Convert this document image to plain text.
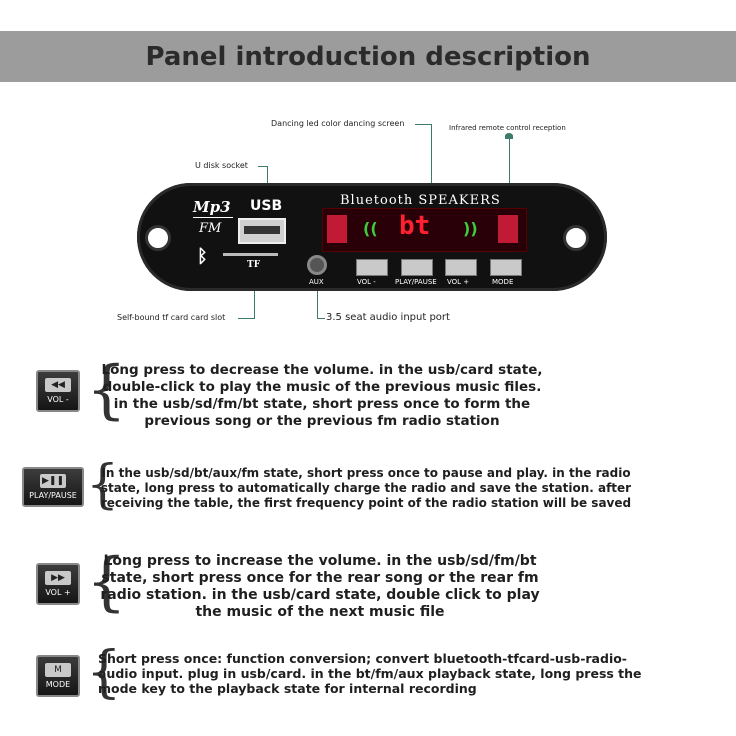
Panel introduction description
Dancing led color dancing screen	Infrared remote control reception
U disk socket
Self-bound tf card card slot	3.5 seat audio input port
Mp3
FM
ᛒ
USB
TF
AUX
Bluetooth SPEAKERS
(( bt ))
VOL -	PLAY/PAUSE VOL +	MODE
◀◀
VOL - {
Long press to decrease the volume. in the usb/card state, double-click to play the music of the previous music files. in the usb/sd/fm/bt state, short press once to form the previous song or the previous fm radio station
▶❚❚
PLAY/PAUSE {
In the usb/sd/bt/aux/fm state, short press once to pause and play. in the radio state, long press to automatically charge the radio and save the station. after receiving the table, the first frequency point of the radio station will be saved
▶▶
VOL + {
Long press to increase the volume. in the usb/sd/fm/bt state, short press once for the rear song or the rear fm radio station. in the usb/card state, double click to play the music of the next music file
M
MODE {
Short press once: function conversion; convert bluetooth-tfcard-usb-radio-audio input. plug in usb/card. in the bt/fm/aux playback state, long press the mode key to the playback state for internal recording
